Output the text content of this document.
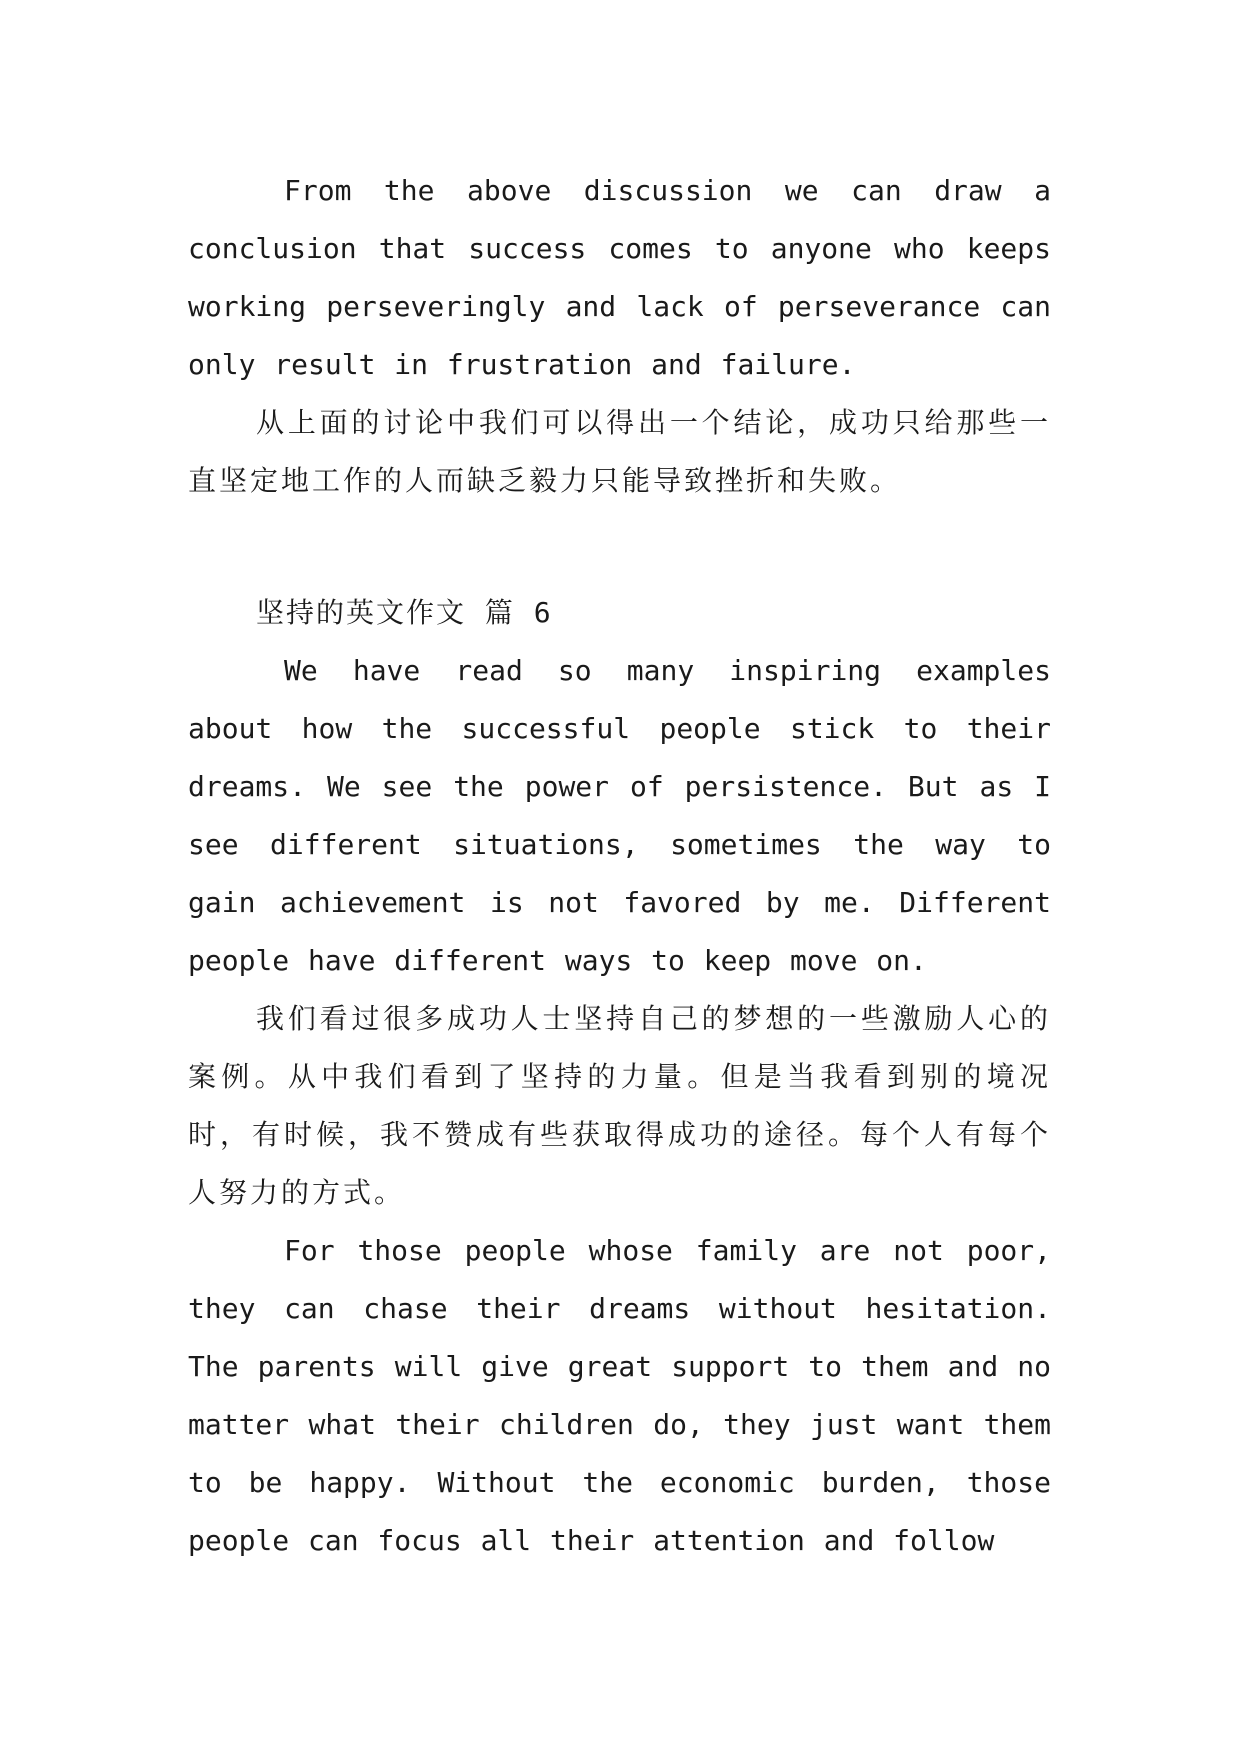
From the above discussion we can draw a conclusion that success comes to anyone who keeps working perseveringly and lack of perseverance can only result in frustration and failure.

从上面的讨论中我们可以得出一个结论，成功只给那些一直坚定地工作的人而缺乏毅力只能导致挫折和失败。

坚持的英文作文 篇 6

We have read so many inspiring examples about how the successful people stick to their dreams. We see the power of persistence. But as I see different situations, sometimes the way to gain achievement is not favored by me. Different people have different ways to keep move on.

我们看过很多成功人士坚持自己的梦想的一些激励人心的案例。从中我们看到了坚持的力量。但是当我看到别的境况时，有时候，我不赞成有些获取得成功的途径。每个人有每个人努力的方式。

For those people whose family are not poor, they can chase their dreams without hesitation. The parents will give great support to them and no matter what their children do, they just want them to be happy. Without the economic burden, those people can focus all their attention and follow
